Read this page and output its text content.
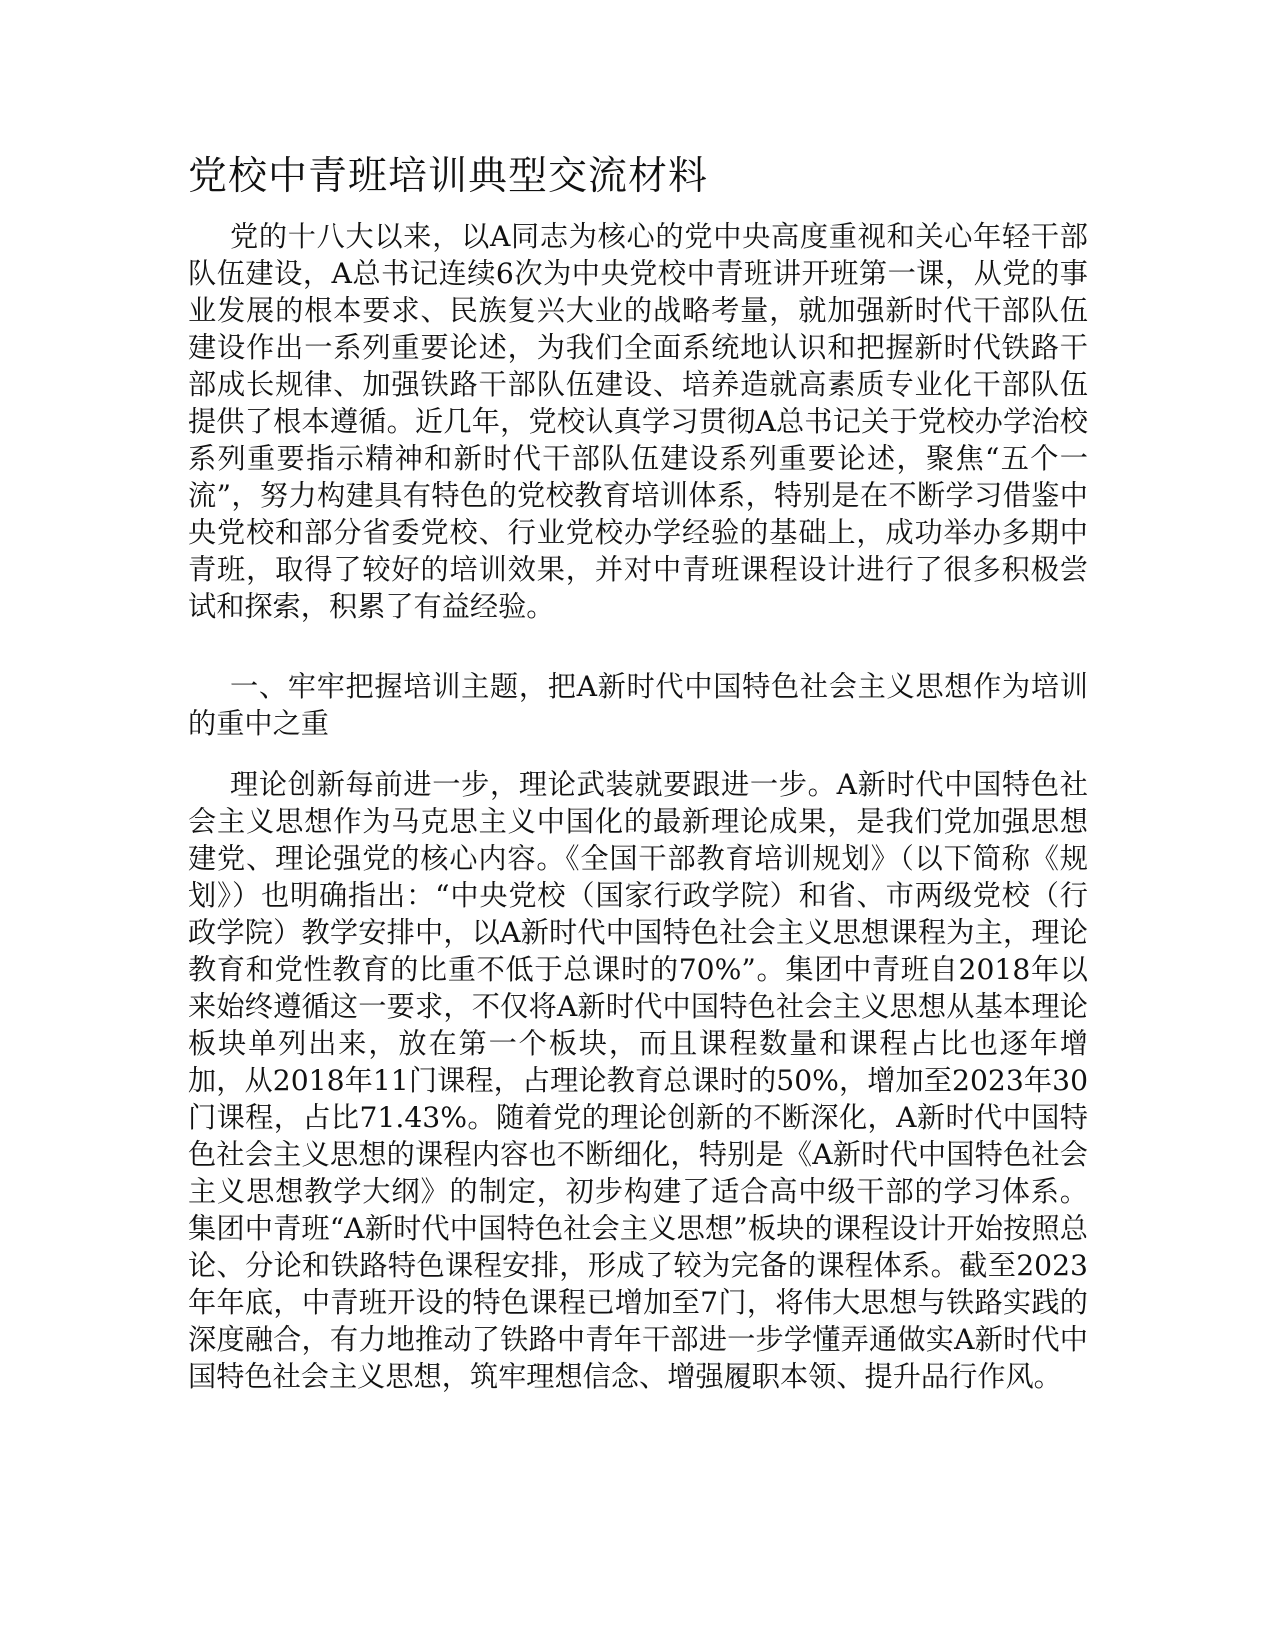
党校中青班培训典型交流材料

党的十八大以来，以A同志为核心的党中央高度重视和关心年轻干部队伍建设，A总书记连续6次为中央党校中青班讲开班第一课，从党的事业发展的根本要求、民族复兴大业的战略考量，就加强新时代干部队伍建设作出一系列重要论述，为我们全面系统地认识和把握新时代铁路干部成长规律、加强铁路干部队伍建设、培养造就高素质专业化干部队伍提供了根本遵循。近几年，党校认真学习贯彻A总书记关于党校办学治校系列重要指示精神和新时代干部队伍建设系列重要论述，聚焦“五个一流”，努力构建具有特色的党校教育培训体系，特别是在不断学习借鉴中央党校和部分省委党校、行业党校办学经验的基础上，成功举办多期中青班，取得了较好的培训效果，并对中青班课程设计进行了很多积极尝试和探索，积累了有益经验。

一、牢牢把握培训主题，把A新时代中国特色社会主义思想作为培训的重中之重

理论创新每前进一步，理论武装就要跟进一步。A新时代中国特色社会主义思想作为马克思主义中国化的最新理论成果，是我们党加强思想建党、理论强党的核心内容。《全国干部教育培训规划》（以下简称《规划》）也明确指出：“中央党校（国家行政学院）和省、市两级党校（行政学院）教学安排中，以A新时代中国特色社会主义思想课程为主，理论教育和党性教育的比重不低于总课时的70%”。集团中青班自2018年以来始终遵循这一要求，不仅将A新时代中国特色社会主义思想从基本理论板块单列出来，放在第一个板块，而且课程数量和课程占比也逐年增加，从2018年11门课程，占理论教育总课时的50%，增加至2023年30门课程，占比71.43%。随着党的理论创新的不断深化，A新时代中国特色社会主义思想的课程内容也不断细化，特别是《A新时代中国特色社会主义思想教学大纲》的制定，初步构建了适合高中级干部的学习体系。集团中青班“A新时代中国特色社会主义思想”板块的课程设计开始按照总论、分论和铁路特色课程安排，形成了较为完备的课程体系。截至2023年年底，中青班开设的特色课程已增加至7门，将伟大思想与铁路实践的深度融合，有力地推动了铁路中青年干部进一步学懂弄通做实A新时代中国特色社会主义思想，筑牢理想信念、增强履职本领、提升品行作风。
